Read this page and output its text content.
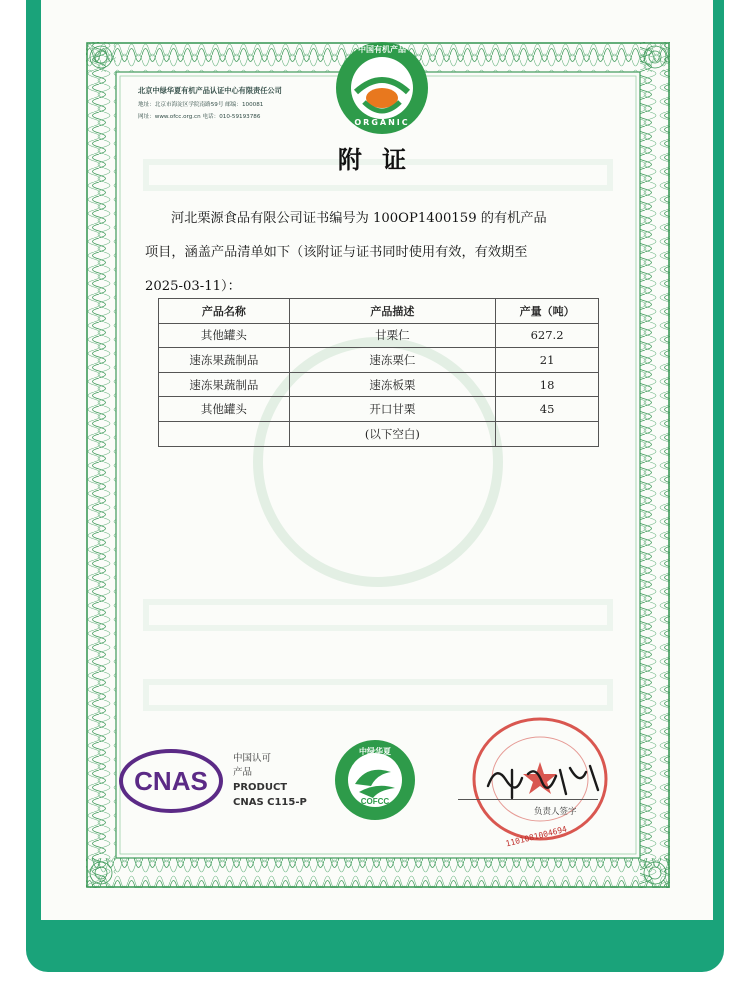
中国有机产品
ORGANIC
北京中绿华夏有机产品认证中心有限责任公司
地址：北京市海淀区学院南路59号 邮编：100081
网址：www.ofcc.org.cn 电话：010-59193786
附 证

河北栗源食品有限公司证书编号为 100OP1400159 的有机产品

项目，涵盖产品清单如下（该附证与证书同时使用有效，有效期至

2025-03-11）：

产品名称	产品描述	产量（吨）
其他罐头	甘栗仁	627.2
速冻果蔬制品	速冻栗仁	21
速冻果蔬制品	速冻板栗	18
其他罐头	开口甘栗	45
	(以下空白)	
CNAS
中国认可
产品
PRODUCT
CNAS C115-P	COFCC
中绿华夏
负责人签字
1101081004694
